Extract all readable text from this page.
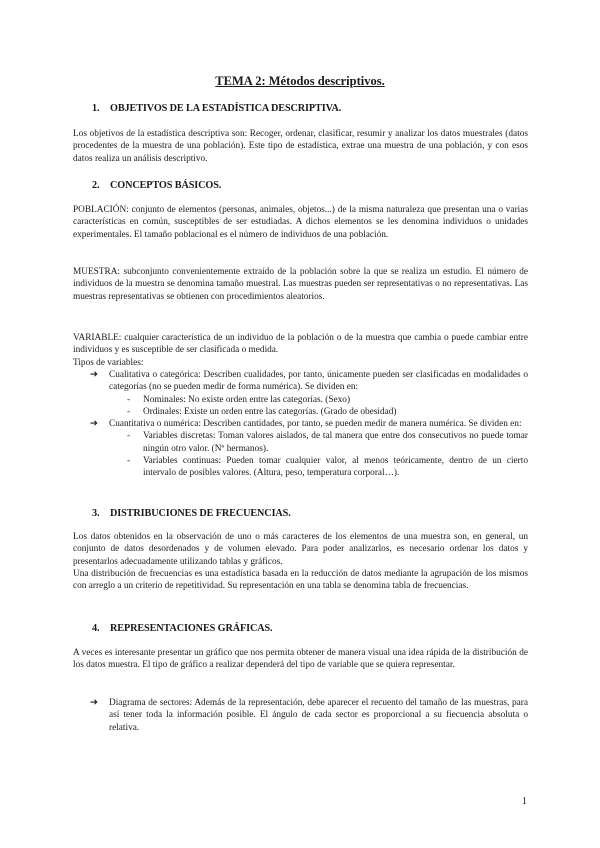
TEMA 2: Métodos descriptivos.
1. OBJETIVOS DE LA ESTADÍSTICA DESCRIPTIVA.

Los objetivos de la estadística descriptiva son: Recoger, ordenar, clasificar, resumir y analizar los datos muestrales (datos procedentes de la muestra de una población). Este tipo de estadística, extrae una muestra de una población, y con esos datos realiza un análisis descriptivo.

2. CONCEPTOS BÁSICOS.

POBLACIÓN: conjunto de elementos (personas, animales, objetos...) de la misma naturaleza que presentan una o varias características en común, susceptibles de ser estudiadas. A dichos elementos se les denomina individuos o unidades experimentales. El tamaño poblacional es el número de individuos de una población.

MUESTRA: subconjunto convenientemente extraído de la población sobre la que se realiza un estudio. El número de individuos de la muestra se denomina tamaño muestral. Las muestras pueden ser representativas o no representativas. Las muestras representativas se obtienen con procedimientos aleatorios.

VARIABLE: cualquier característica de un individuo de la población o de la muestra que cambia o puede cambiar entre individuos y es susceptible de ser clasificada o medida.

Tipos de variables:

➔ Cualitativa o categórica: Describen cualidades, por tanto, únicamente pueden ser clasificadas en modalidades o categorías (no se pueden medir de forma numérica). Se dividen en:
- Nominales: No existe orden entre las categorías. (Sexo)
- Ordinales: Existe un orden entre las categorías. (Grado de obesidad)
➔ Cuantitativa o numérica: Describen cantidades, por tanto, se pueden medir de manera numérica. Se dividen en:
- Variables discretas: Toman valores aislados, de tal manera que entre dos consecutivos no puede tomar ningún otro valor. (Nº hermanos).
- Variables continuas: Pueden tomar cualquier valor, al menos teóricamente, dentro de un cierto intervalo de posibles valores. (Altura, peso, temperatura corporal…).
3. DISTRIBUCIONES DE FRECUENCIAS.

Los datos obtenidos en la observación de uno o más caracteres de los elementos de una muestra son, en general, un conjunto de datos desordenados y de volumen elevado. Para poder analizarlos, es necesario ordenar los datos y presentarlos adecuadamente utilizando tablas y gráficos.

Una distribución de frecuencias es una estadística basada en la reducción de datos mediante la agrupación de los mismos con arreglo a un criterio de repetitividad. Su representación en una tabla se denomina tabla de frecuencias.

4. REPRESENTACIONES GRÁFICAS.

A veces es interesante presentar un gráfico que nos permita obtener de manera visual una idea rápida de la distribución de los datos muestra. El tipo de gráfico a realizar dependerá del tipo de variable que se quiera representar.

➔ Diagrama de sectores: Además de la representación, debe aparecer el recuento del tamaño de las muestras, para así tener toda la información posible. El ángulo de cada sector es proporcional a su fiecuencia absoluta o relativa.
1
